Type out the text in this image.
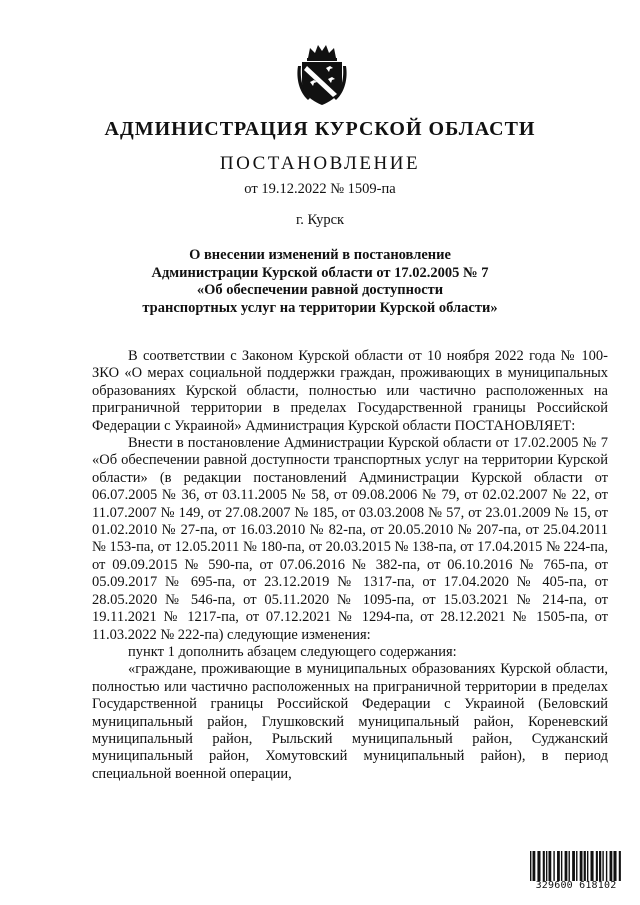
АДМИНИСТРАЦИЯ КУРСКОЙ ОБЛАСТИ
ПОСТАНОВЛЕНИЕ
от 19.12.2022 № 1509-па
г. Курск
О внесении изменений в постановление
Администрации Курской области от 17.02.2005 № 7
«Об обеспечении равной доступности
транспортных услуг на территории Курской области»

В соответствии с Законом Курской области от 10 ноября 2022 года № 100-ЗКО «О мерах социальной поддержки граждан, проживающих в муниципальных образованиях Курской области, полностью или частично расположенных на приграничной территории в пределах Государственной границы Российской Федерации с Украиной» Администрация Курской области ПОСТАНОВЛЯЕТ:

Внести в постановление Администрации Курской области от 17.02.2005 № 7 «Об обеспечении равной доступности транспортных услуг на территории Курской области» (в редакции постановлений Администрации Курской области от 06.07.2005 № 36, от 03.11.2005 № 58, от 09.08.2006 № 79, от 02.02.2007 № 22, от 11.07.2007 № 149, от 27.08.2007 № 185, от 03.03.2008 № 57, от 23.01.2009 № 15, от 01.02.2010 № 27-па, от 16.03.2010 № 82-па, от 20.05.2010 № 207-па, от 25.04.2011 № 153-па, от 12.05.2011 № 180-па, от 20.03.2015 № 138-па, от 17.04.2015 № 224-па, от 09.09.2015 № 590-па, от 07.06.2016 № 382-па, от 06.10.2016 № 765-па, от 05.09.2017 № 695-па, от 23.12.2019 № 1317-па, от 17.04.2020 № 405-па, от 28.05.2020 № 546-па, от 05.11.2020 № 1095-па, от 15.03.2021 № 214-па, от 19.11.2021 № 1217-па, от 07.12.2021 № 1294-па, от 28.12.2021 № 1505-па, от 11.03.2022 № 222-па) следующие изменения:

пункт 1 дополнить абзацем следующего содержания:

«граждане, проживающие в муниципальных образованиях Курской области, полностью или частично расположенных на приграничной территории в пределах Государственной границы Российской Федерации с Украиной (Беловский муниципальный район, Глушковский муниципальный район, Кореневский муниципальный район, Рыльский муниципальный район, Суджанский муниципальный район, Хомутовский муниципальный район), в период специальной военной операции,

329600 618102
